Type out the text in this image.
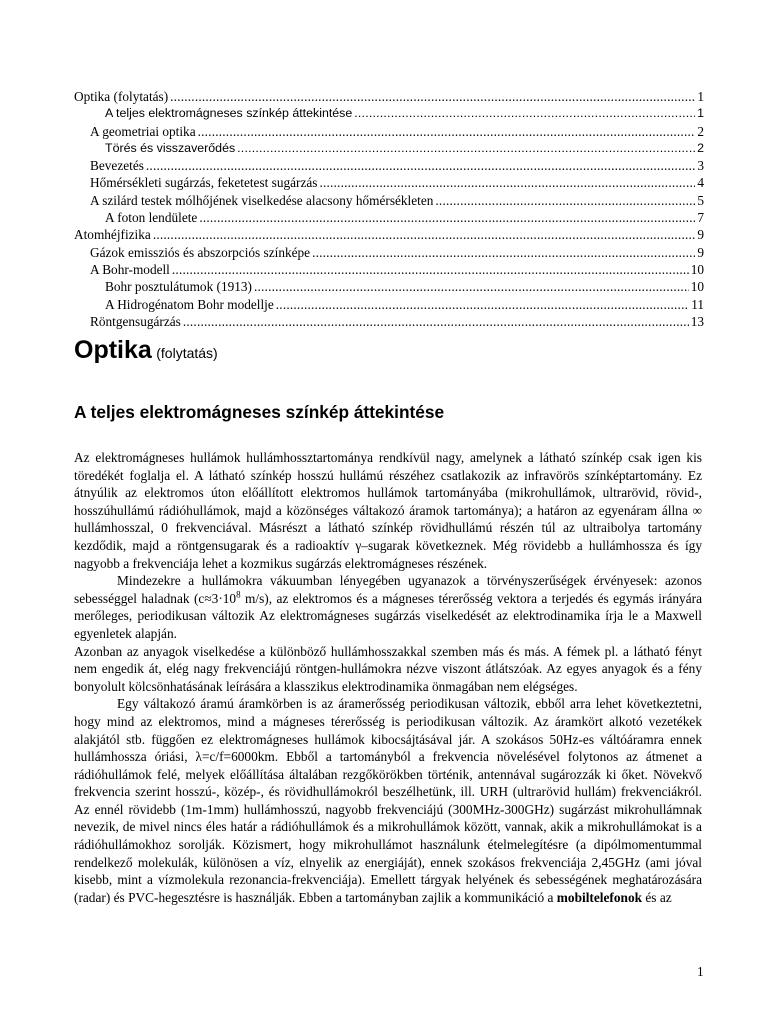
Optika (folytatás) .....	1
A teljes elektromágneses színkép áttekintése .....	1
A geometriai optika .....	2
Törés és visszaverődés .....	2
Bevezetés .....	3
Hőmérsékleti sugárzás, feketetest sugárzás .....	4
A szilárd testek mólhőjének viselkedése alacsony hőmérsékleten .....	5
A foton lendülete .....	7
Atomhéjfizika .....	9
Gázok emissziós és abszorpciós színképe .....	9
A Bohr-modell .....	10
Bohr posztulátumok (1913) .....	10
A Hidrogénatom Bohr modellje .....	11
Röntgensugárzás .....	13
Optika (folytatás)
A teljes elektromágneses színkép áttekintése

Az elektromágneses hullámok hullámhossztartománya rendkívül nagy, amelynek a látható színkép csak igen kis töredékét foglalja el. A látható színkép hosszú hullámú részéhez csatlakozik az infravörös színképtartomány. Ez átnyúlik az elektromos úton előállított elektromos hullámok tartományába (mikrohullámok, ultrarövid, rövid-, hosszúhullámú rádióhullámok, majd a közönséges váltakozó áramok tartománya); a határon az egyenáram állna ∞ hullámhosszal, 0 frekvenciával. Másrészt a látható színkép rövidhullámú részén túl az ultraibolya tartomány kezdődik, majd a röntgensugarak és a radioaktív γ–sugarak következnek. Még rövidebb a hullámhossza és így nagyobb a frekvenciája lehet a kozmikus sugárzás elektromágneses részének.

Mindezekre a hullámokra vákuumban lényegében ugyanazok a törvényszerűségek érvényesek: azonos sebességgel haladnak ($c\approx 3\cdot 10^8$ m/s), az elektromos és a mágneses térerősség vektora a terjedés és egymás irányára merőleges, periodikusan változik Az elektromágneses sugárzás viselkedését az elektrodinamika írja le a Maxwell egyenletek alapján.

Azonban az anyagok viselkedése a különböző hullámhosszakkal szemben más és más. A fémek pl. a látható fényt nem engedik át, elég nagy frekvenciájú röntgen-hullámokra nézve viszont átlátszóak. Az egyes anyagok és a fény bonyolult kölcsönhatásának leírására a klasszikus elektrodinamika önmagában nem elégséges.

Egy váltakozó áramú áramkörben is az áramerősség periodikusan változik, ebből arra lehet következtetni, hogy mind az elektromos, mind a mágneses térerősség is periodikusan változik. Az áramkört alkotó vezetékek alakjától stb. függően ez elektromágneses hullámok kibocsájtásával jár. A szokásos 50Hz-es váltóáramra ennek hullámhossza óriási, λ=c/f=6000km. Ebből a tartományból a frekvencia növelésével folytonos az átmenet a rádióhullámok felé, melyek előállítása általában rezgőkörökben történik, antennával sugározzák ki őket. Növekvő frekvencia szerint hosszú-, közép-, és rövidhullámokról beszélhetünk, ill. URH (ultrarövid hullám) frekvenciákról. Az ennél rövidebb (1m-1mm) hullámhosszú, nagyobb frekvenciájú (300MHz-300GHz) sugárzást mikrohullámnak nevezik, de mivel nincs éles határ a rádióhullámok és a mikrohullámok között, vannak, akik a mikrohullámokat is a rádióhullámokhoz sorolják. Közismert, hogy mikrohullámot használunk ételmelegítésre (a dipólmomentummal rendelkező molekulák, különösen a víz, elnyelik az energiáját), ennek szokásos frekvenciája 2,45GHz (ami jóval kisebb, mint a vízmolekula rezonancia-frekvenciája). Emellett tárgyak helyének és sebességének meghatározására (radar) és PVC-hegesztésre is használják. Ebben a tartományban zajlik a kommunikáció a mobiltelefonok és az

1
